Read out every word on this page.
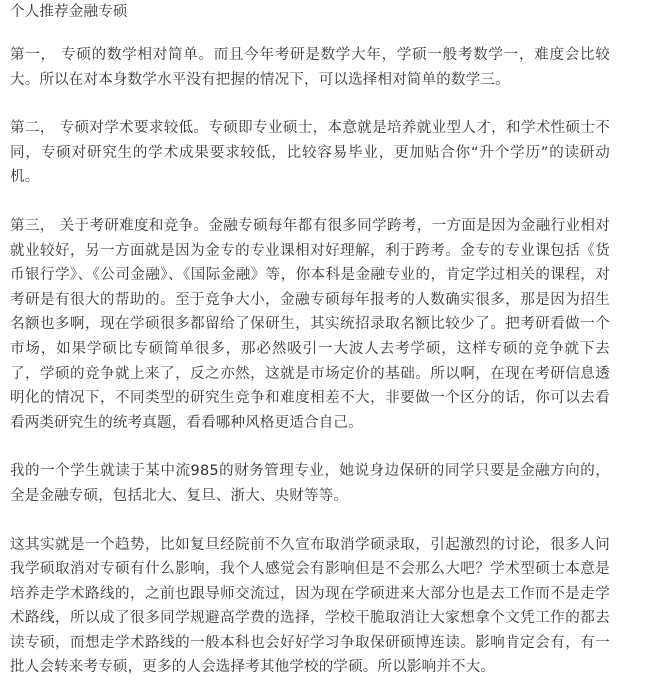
个人推荐金融专硕

第一， 专硕的数学相对简单。而且今年考研是数学大年，学硕一般考数学一，难度会比较大。所以在对本身数学水平没有把握的情况下，可以选择相对简单的数学三。

第二， 专硕对学术要求较低。专硕即专业硕士，本意就是培养就业型人才，和学术性硕士不同，专硕对研究生的学术成果要求较低，比较容易毕业，更加贴合你“升个学历”的读研动机。

第三， 关于考研难度和竞争。金融专硕每年都有很多同学跨考，一方面是因为金融行业相对就业较好，另一方面就是因为金专的专业课相对好理解，利于跨考。金专的专业课包括《货币银行学》、《公司金融》、《国际金融》等，你本科是金融专业的，肯定学过相关的课程，对考研是有很大的帮助的。至于竞争大小，金融专硕每年报考的人数确实很多，那是因为招生名额也多啊，现在学硕很多都留给了保研生，其实统招录取名额比较少了。把考研看做一个市场，如果学硕比专硕简单很多，那必然吸引一大波人去考学硕，这样专硕的竞争就下去了，学硕的竞争就上来了，反之亦然，这就是市场定价的基础。所以啊，在现在考研信息透明化的情况下，不同类型的研究生竞争和难度相差不大，非要做一个区分的话，你可以去看看两类研究生的统考真题，看看哪种风格更适合自己。

我的一个学生就读于某中流985的财务管理专业，她说身边保研的同学只要是金融方向的，全是金融专硕，包括北大、复旦、浙大、央财等等。

这其实就是一个趋势，比如复旦经院前不久宣布取消学硕录取，引起激烈的讨论，很多人问我学硕取消对专硕有什么影响，我个人感觉会有影响但是不会那么大吧？学术型硕士本意是培养走学术路线的，之前也跟导师交流过，因为现在学硕进来大部分也是去工作而不是走学术路线，所以成了很多同学规避高学费的选择，学校干脆取消让大家想拿个文凭工作的都去读专硕，而想走学术路线的一般本科也会好好学习争取保研硕博连读。影响肯定会有，有一批人会转来考专硕，更多的人会选择考其他学校的学硕。所以影响并不大。
